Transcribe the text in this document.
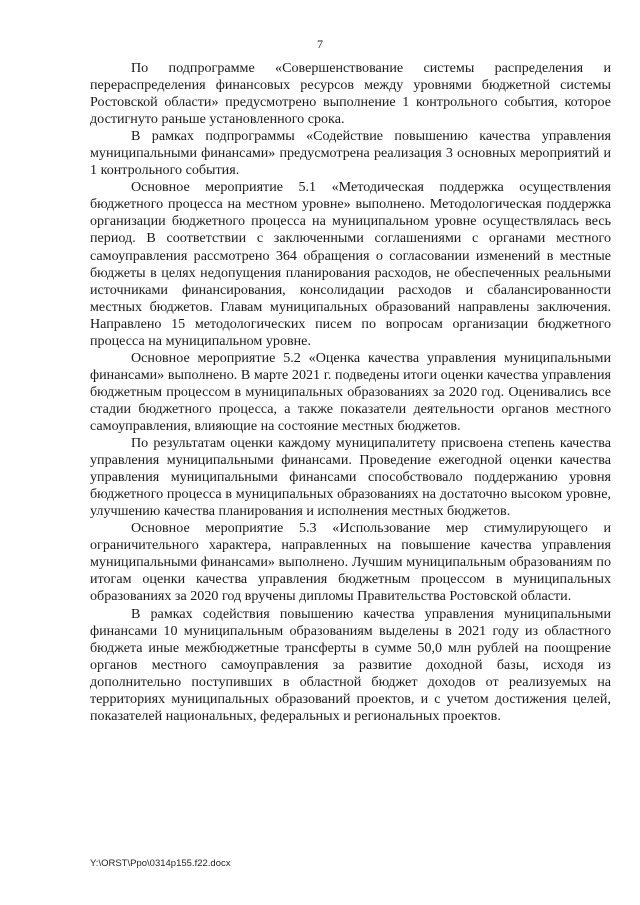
7

По подпрограмме «Совершенствование системы распределения и перераспределения финансовых ресурсов между уровнями бюджетной системы Ростовской области» предусмотрено выполнение 1 контрольного события, которое достигнуто раньше установленного срока.

В рамках подпрограммы «Содействие повышению качества управления муниципальными финансами» предусмотрена реализация 3 основных мероприятий и 1 контрольного события.

Основное мероприятие 5.1 «Методическая поддержка осуществления бюджетного процесса на местном уровне» выполнено. Методологическая поддержка организации бюджетного процесса на муниципальном уровне осуществлялась весь период. В соответствии с заключенными соглашениями с органами местного самоуправления рассмотрено 364 обращения о согласовании изменений в местные бюджеты в целях недопущения планирования расходов, не обеспеченных реальными источниками финансирования, консолидации расходов и сбалансированности местных бюджетов. Главам муниципальных образований направлены заключения. Направлено 15 методологических писем по вопросам организации бюджетного процесса на муниципальном уровне.

Основное мероприятие 5.2 «Оценка качества управления муниципальными финансами» выполнено. В марте 2021 г. подведены итоги оценки качества управления бюджетным процессом в муниципальных образованиях за 2020 год. Оценивались все стадии бюджетного процесса, а также показатели деятельности органов местного самоуправления, влияющие на состояние местных бюджетов.

По результатам оценки каждому муниципалитету присвоена степень качества управления муниципальными финансами. Проведение ежегодной оценки качества управления муниципальными финансами способствовало поддержанию уровня бюджетного процесса в муниципальных образованиях на достаточно высоком уровне, улучшению качества планирования и исполнения местных бюджетов.

Основное мероприятие 5.3 «Использование мер стимулирующего и ограничительного характера, направленных на повышение качества управления муниципальными финансами» выполнено. Лучшим муниципальным образованиям по итогам оценки качества управления бюджетным процессом в муниципальных образованиях за 2020 год вручены дипломы Правительства Ростовской области.

В рамках содействия повышению качества управления муниципальными финансами 10 муниципальным образованиям выделены в 2021 году из областного бюджета иные межбюджетные трансферты в сумме 50,0 млн рублей на поощрение органов местного самоуправления за развитие доходной базы, исходя из дополнительно поступивших в областной бюджет доходов от реализуемых на территориях муниципальных образований проектов, и с учетом достижения целей, показателей национальных, федеральных и региональных проектов.

Y:\ORST\Ppo\0314p155.f22.docx
